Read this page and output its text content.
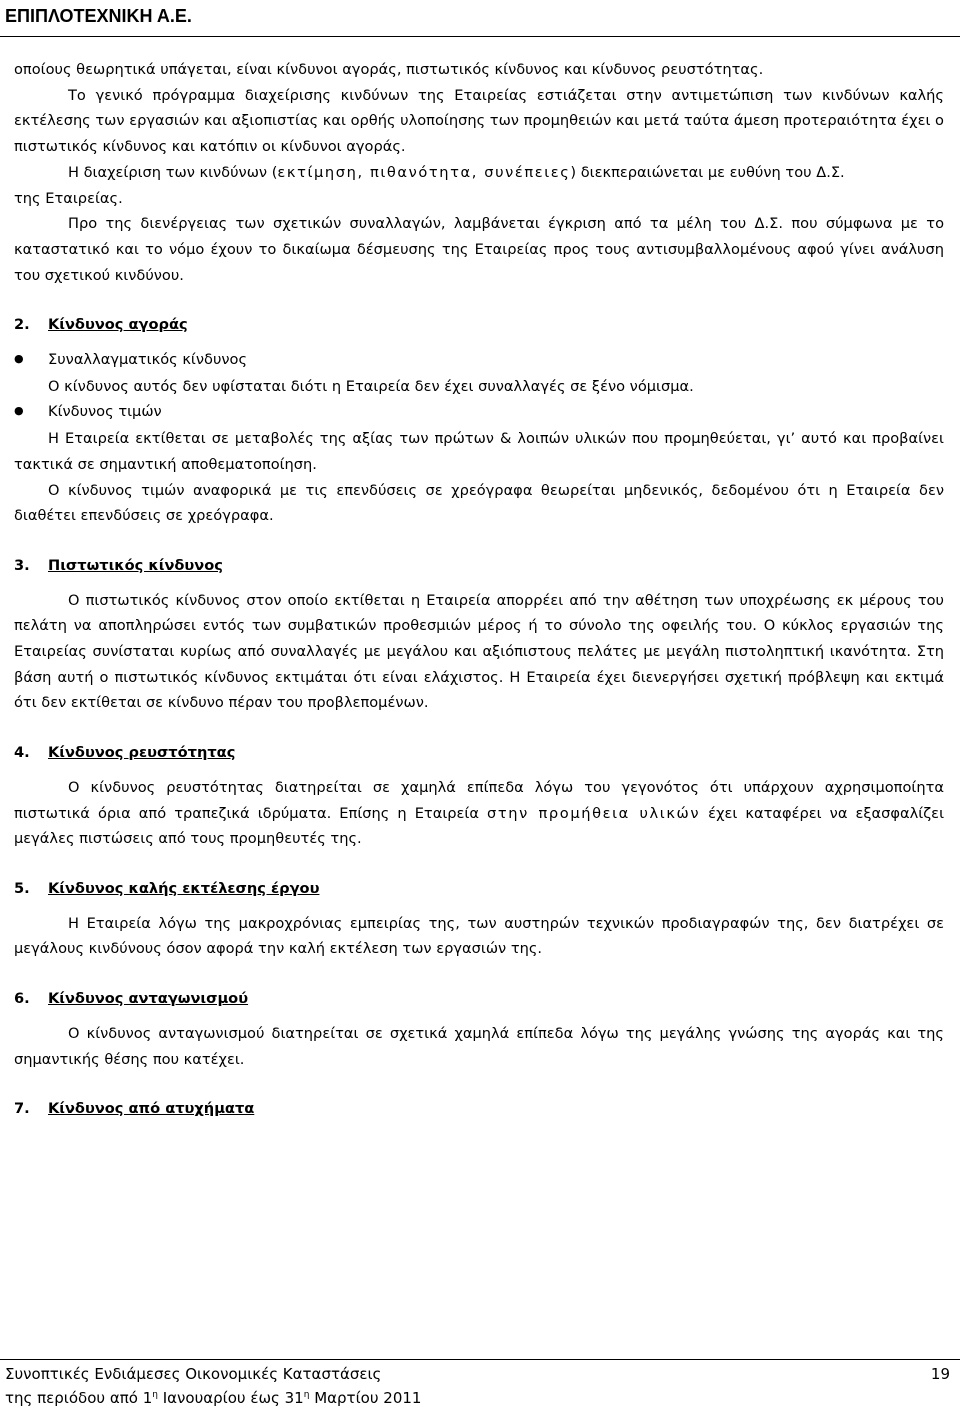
ΕΠΙΠΛΟΤΕΧΝΙΚΗ Α.Ε.

οποίους θεωρητικά υπάγεται, είναι κίνδυνοι αγοράς, πιστωτικός κίνδυνος και κίνδυνος ρευστότητας.

Το γενικό πρόγραμμα διαχείρισης κινδύνων της Εταιρείας εστιάζεται στην αντιμετώπιση των κινδύνων καλής εκτέλεσης των εργασιών και αξιοπιστίας και ορθής υλοποίησης των προμηθειών και μετά ταύτα άμεση προτεραιότητα έχει ο πιστωτικός κίνδυνος και κατόπιν οι κίνδυνοι αγοράς.

Η διαχείριση των κινδύνων (εκτίμηση, πιθανότητα, συνέπειες) διεκπεραιώνεται με ευθύνη του Δ.Σ.

της Εταιρείας.

Προ της διενέργειας των σχετικών συναλλαγών, λαμβάνεται έγκριση από τα μέλη του Δ.Σ. που σύμφωνα με το καταστατικό και το νόμο έχουν το δικαίωμα δέσμευσης της Εταιρείας προς τους αντισυμβαλλομένους αφού γίνει ανάλυση του σχετικού κινδύνου.

2.	Κίνδυνος αγοράς
●	Συναλλαγματικός κίνδυνος

Ο κίνδυνος αυτός δεν υφίσταται διότι η Εταιρεία δεν έχει συναλλαγές σε ξένο νόμισμα.

●	Κίνδυνος τιμών

Η Εταιρεία εκτίθεται σε μεταβολές της αξίας των πρώτων & λοιπών υλικών που προμηθεύεται, γι’ αυτό και προβαίνει τακτικά σε σημαντική αποθεματοποίηση.

Ο κίνδυνος τιμών αναφορικά με τις επενδύσεις σε χρεόγραφα θεωρείται μηδενικός, δεδομένου ότι η Εταιρεία δεν διαθέτει επενδύσεις σε χρεόγραφα.

3.	Πιστωτικός κίνδυνος

Ο πιστωτικός κίνδυνος στον οποίο εκτίθεται η Εταιρεία απορρέει από την αθέτηση των υποχρέωσης εκ μέρους του πελάτη να αποπληρώσει εντός των συμβατικών προθεσμιών μέρος ή το σύνολο της οφειλής του. Ο κύκλος εργασιών της Εταιρείας συνίσταται κυρίως από συναλλαγές με μεγάλου και αξιόπιστους πελάτες με μεγάλη πιστοληπτική ικανότητα. Στη βάση αυτή ο πιστωτικός κίνδυνος εκτιμάται ότι είναι ελάχιστος. Η Εταιρεία έχει διενεργήσει σχετική πρόβλεψη και εκτιμά ότι δεν εκτίθεται σε κίνδυνο πέραν του προβλεπομένων.

4.	Κίνδυνος ρευστότητας

Ο κίνδυνος ρευστότητας διατηρείται σε χαμηλά επίπεδα λόγω του γεγονότος ότι υπάρχουν αχρησιμοποίητα πιστωτικά όρια από τραπεζικά ιδρύματα. Επίσης η Εταιρεία στην προμήθεια υλικών έχει καταφέρει να εξασφαλίζει μεγάλες πιστώσεις από τους προμηθευτές της.

5.	Κίνδυνος καλής εκτέλεσης έργου

Η Εταιρεία λόγω της μακροχρόνιας εμπειρίας της, των αυστηρών τεχνικών προδιαγραφών της, δεν διατρέχει σε μεγάλους κινδύνους όσον αφορά την καλή εκτέλεση των εργασιών της.

6.	Κίνδυνος ανταγωνισμού

Ο κίνδυνος ανταγωνισμού διατηρείται σε σχετικά χαμηλά επίπεδα λόγω της μεγάλης γνώσης της αγοράς και της σημαντικής θέσης που κατέχει.

7.	Κίνδυνος από ατυχήματα
Συνοπτικές Ενδιάμεσες Οικονομικές Καταστάσεις
της περιόδου από $1^\eta$ Ιανουαρίου έως $31^\eta$ Μαρτίου 2011
19
